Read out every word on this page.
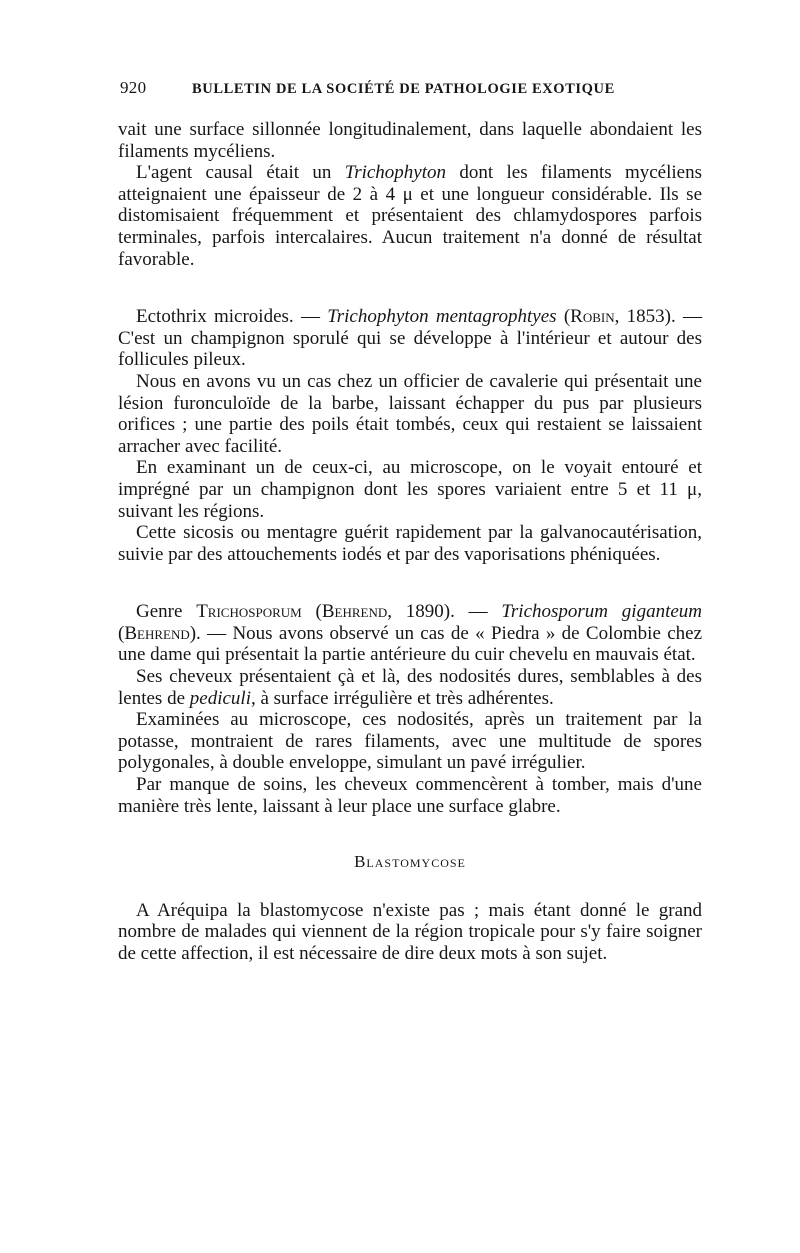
920	BULLETIN DE LA SOCIÉTÉ DE PATHOLOGIE EXOTIQUE

vait une surface sillonnée longitudinalement, dans laquelle abondaient les filaments mycéliens.

L'agent causal était un Trichophyton dont les filaments mycéliens atteignaient une épaisseur de 2 à 4 μ et une longueur considérable. Ils se distomisaient fréquemment et présentaient des chlamydospores parfois terminales, parfois intercalaires. Aucun traitement n'a donné de résultat favorable.

Ectothrix microides. — Trichophyton mentagrophtyes (Robin, 1853). — C'est un champignon sporulé qui se développe à l'intérieur et autour des follicules pileux.

Nous en avons vu un cas chez un officier de cavalerie qui présentait une lésion furonculoïde de la barbe, laissant échapper du pus par plusieurs orifices ; une partie des poils était tombés, ceux qui restaient se laissaient arracher avec facilité.

En examinant un de ceux-ci, au microscope, on le voyait entouré et imprégné par un champignon dont les spores variaient entre 5 et 11 μ, suivant les régions.

Cette sicosis ou mentagre guérit rapidement par la galvanocautérisation, suivie par des attouchements iodés et par des vaporisations phéniquées.

Genre Trichosporum (Behrend, 1890). — Trichosporum giganteum (Behrend). — Nous avons observé un cas de « Piedra » de Colombie chez une dame qui présentait la partie antérieure du cuir chevelu en mauvais état.

Ses cheveux présentaient çà et là, des nodosités dures, semblables à des lentes de pediculi, à surface irrégulière et très adhérentes.

Examinées au microscope, ces nodosités, après un traitement par la potasse, montraient de rares filaments, avec une multitude de spores polygonales, à double enveloppe, simulant un pavé irrégulier.

Par manque de soins, les cheveux commencèrent à tomber, mais d'une manière très lente, laissant à leur place une surface glabre.

Blastomycose

A Aréquipa la blastomycose n'existe pas ; mais étant donné le grand nombre de malades qui viennent de la région tropicale pour s'y faire soigner de cette affection, il est nécessaire de dire deux mots à son sujet.
